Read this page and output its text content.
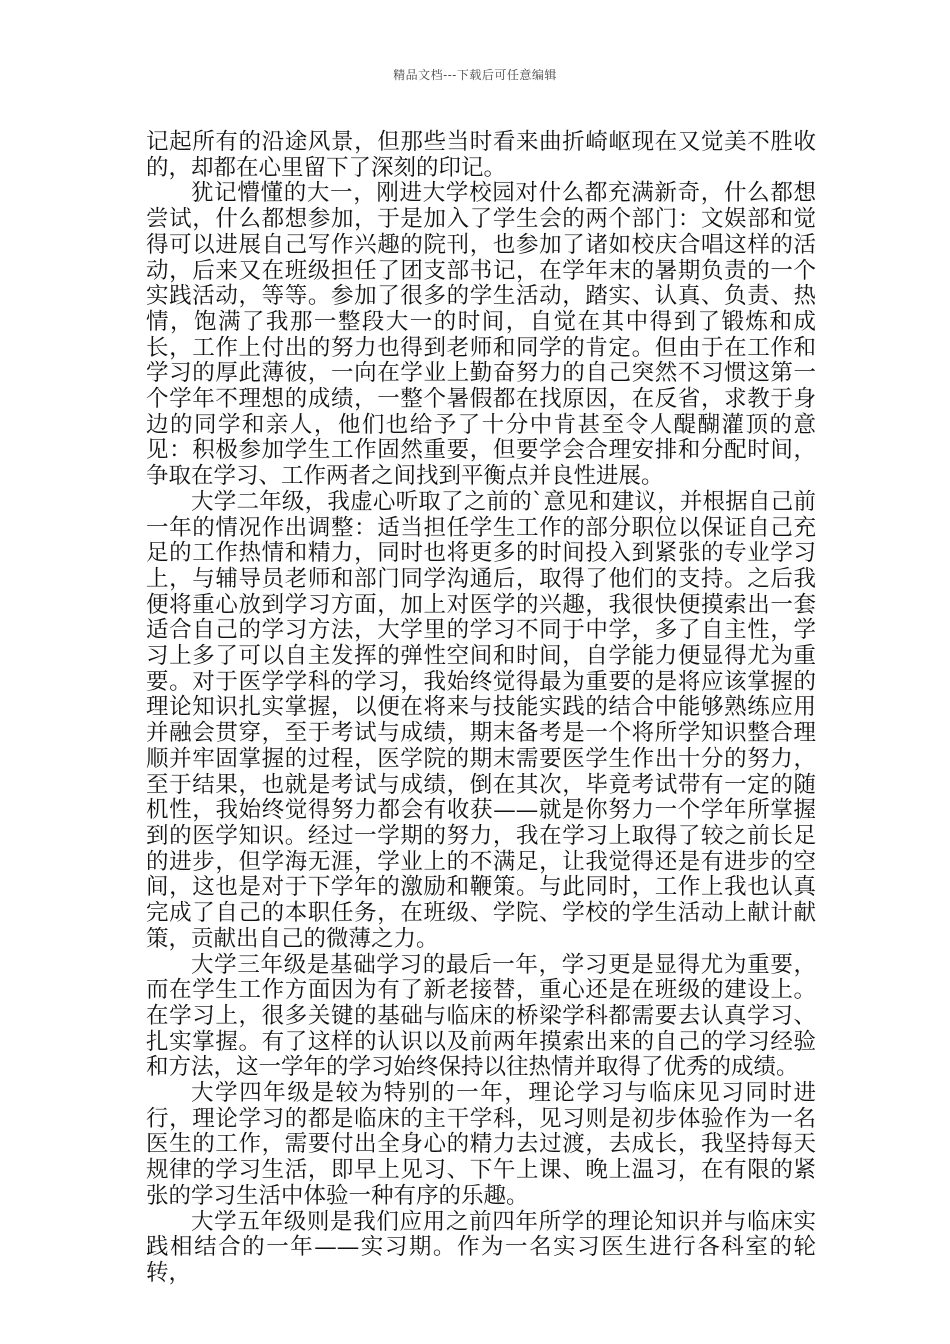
精品文档---下载后可任意编辑

记起所有的沿途风景，但那些当时看来曲折崎岖现在又觉美不胜收的，却都在心里留下了深刻的印记。

犹记懵懂的大一，刚进大学校园对什么都充满新奇，什么都想尝试，什么都想参加，于是加入了学生会的两个部门：文娱部和觉得可以进展自己写作兴趣的院刊，也参加了诸如校庆合唱这样的活动，后来又在班级担任了团支部书记，在学年末的暑期负责的一个实践活动，等等。参加了很多的学生活动，踏实、认真、负责、热情，饱满了我那一整段大一的时间，自觉在其中得到了锻炼和成长，工作上付出的努力也得到老师和同学的肯定。但由于在工作和学习的厚此薄彼，一向在学业上勤奋努力的自己突然不习惯这第一个学年不理想的成绩，一整个暑假都在找原因，在反省，求教于身边的同学和亲人，他们也给予了十分中肯甚至令人醍醐灌顶的意见：积极参加学生工作固然重要，但要学会合理安排和分配时间，争取在学习、工作两者之间找到平衡点并良性进展。

大学二年级，我虚心听取了之前的`意见和建议，并根据自己前一年的情况作出调整：适当担任学生工作的部分职位以保证自己充足的工作热情和精力，同时也将更多的时间投入到紧张的专业学习上，与辅导员老师和部门同学沟通后，取得了他们的支持。之后我便将重心放到学习方面，加上对医学的兴趣，我很快便摸索出一套适合自己的学习方法，大学里的学习不同于中学，多了自主性，学习上多了可以自主发挥的弹性空间和时间，自学能力便显得尤为重要。对于医学学科的学习，我始终觉得最为重要的是将应该掌握的理论知识扎实掌握，以便在将来与技能实践的结合中能够熟练应用并融会贯穿，至于考试与成绩，期末备考是一个将所学知识整合理顺并牢固掌握的过程，医学院的期末需要医学生作出十分的努力，至于结果，也就是考试与成绩，倒在其次，毕竟考试带有一定的随机性，我始终觉得努力都会有收获——就是你努力一个学年所掌握到的医学知识。经过一学期的努力，我在学习上取得了较之前长足的进步，但学海无涯，学业上的不满足，让我觉得还是有进步的空间，这也是对于下学年的激励和鞭策。与此同时，工作上我也认真完成了自己的本职任务，在班级、学院、学校的学生活动上献计献策，贡献出自己的微薄之力。

大学三年级是基础学习的最后一年，学习更是显得尤为重要，而在学生工作方面因为有了新老接替，重心还是在班级的建设上。在学习上，很多关键的基础与临床的桥梁学科都需要去认真学习、扎实掌握。有了这样的认识以及前两年摸索出来的自己的学习经验和方法，这一学年的学习始终保持以往热情并取得了优秀的成绩。

大学四年级是较为特别的一年，理论学习与临床见习同时进行，理论学习的都是临床的主干学科，见习则是初步体验作为一名医生的工作，需要付出全身心的精力去过渡，去成长，我坚持每天规律的学习生活，即早上见习、下午上课、晚上温习，在有限的紧张的学习生活中体验一种有序的乐趣。

大学五年级则是我们应用之前四年所学的理论知识并与临床实践相结合的一年——实习期。作为一名实习医生进行各科室的轮转，
